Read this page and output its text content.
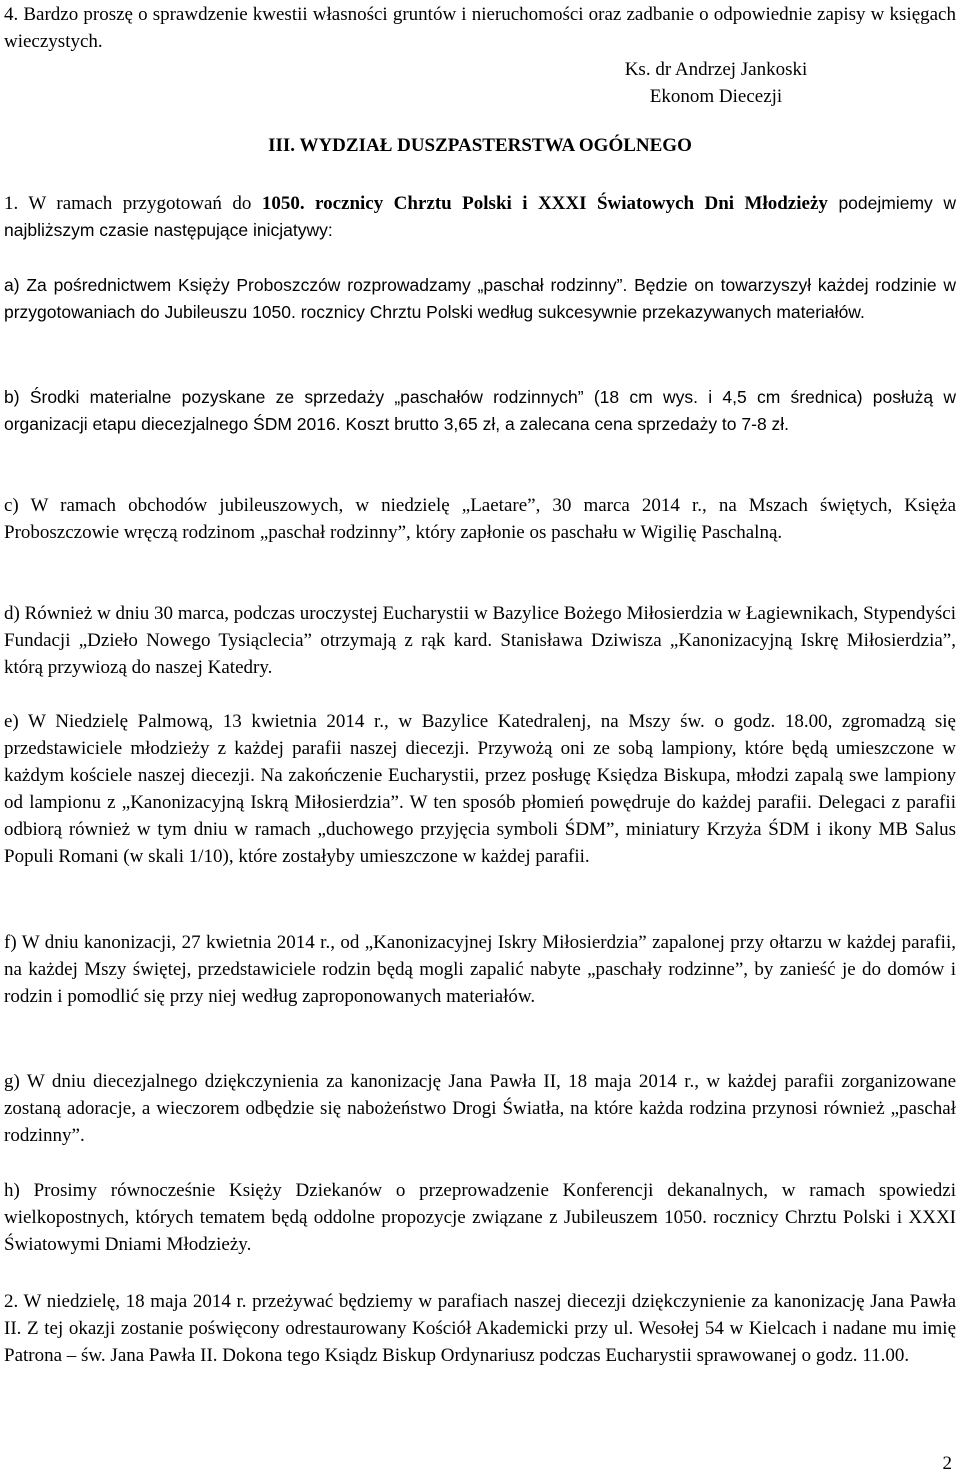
4. Bardzo proszę o sprawdzenie kwestii własności gruntów i nieruchomości oraz zadbanie o odpowiednie zapisy w księgach wieczystych.

Ks. dr Andrzej Jankoski
Ekonom Diecezji
III. WYDZIAŁ DUSZPASTERSTWA OGÓLNEGO

1. W ramach przygotowań do 1050. rocznicy Chrztu Polski i XXXI Światowych Dni Młodzieży podejmiemy w najbliższym czasie następujące inicjatywy:

a) Za pośrednictwem Księży Proboszczów rozprowadzamy „paschał rodzinny”. Będzie on towarzyszył każdej rodzinie w przygotowaniach do Jubileuszu 1050. rocznicy Chrztu Polski według sukcesywnie przekazywanych materiałów.

b) Środki materialne pozyskane ze sprzedaży „paschałów rodzinnych” (18 cm wys. i 4,5 cm średnica) posłużą w organizacji etapu diecezjalnego ŚDM 2016. Koszt brutto 3,65 zł, a zalecana cena sprzedaży to 7-8 zł.

c) W ramach obchodów jubileuszowych, w niedzielę „Laetare”, 30 marca 2014 r., na Mszach świętych, Księża Proboszczowie wręczą rodzinom „paschał rodzinny”, który zapłonie os paschału w Wigilię Paschalną.

d) Również w dniu 30 marca, podczas uroczystej Eucharystii w Bazylice Bożego Miłosierdzia w Łagiewnikach, Stypendyści Fundacji „Dzieło Nowego Tysiąclecia” otrzymają z rąk kard. Stanisława Dziwisza „Kanonizacyjną Iskrę Miłosierdzia”, którą przywiozą do naszej Katedry.

e) W Niedzielę Palmową, 13 kwietnia 2014 r., w Bazylice Katedralenj, na Mszy św. o godz. 18.00, zgromadzą się przedstawiciele młodzieży z każdej parafii naszej diecezji. Przywożą oni ze sobą lampiony, które będą umieszczone w każdym kościele naszej diecezji. Na zakończenie Eucharystii, przez posługę Księdza Biskupa, młodzi zapalą swe lampiony od lampionu z „Kanonizacyjną Iskrą Miłosierdzia”. W ten sposób płomień powędruje do każdej parafii. Delegaci z parafii odbiorą również w tym dniu w ramach „duchowego przyjęcia symboli ŚDM”, miniatury Krzyża ŚDM i ikony MB Salus Populi Romani (w skali 1/10), które zostałyby umieszczone w każdej parafii.

f) W dniu kanonizacji, 27 kwietnia 2014 r., od „Kanonizacyjnej Iskry Miłosierdzia” zapalonej przy ołtarzu w każdej parafii, na każdej Mszy świętej, przedstawiciele rodzin będą mogli zapalić nabyte „paschały rodzinne”, by zanieść je do domów i rodzin i pomodlić się przy niej według zaproponowanych materiałów.

g) W dniu diecezjalnego dziękczynienia za kanonizację Jana Pawła II, 18 maja 2014 r., w każdej parafii zorganizowane zostaną adoracje, a wieczorem odbędzie się nabożeństwo Drogi Światła, na które każda rodzina przynosi również „paschał rodzinny”.

h) Prosimy równocześnie Księży Dziekanów o przeprowadzenie Konferencji dekanalnych, w ramach spowiedzi wielkopostnych, których tematem będą oddolne propozycje związane z Jubileuszem 1050. rocznicy Chrztu Polski i XXXI Światowymi Dniami Młodzieży.

2. W niedzielę, 18 maja 2014 r. przeżywać będziemy w parafiach naszej diecezji dziękczynienie za kanonizację Jana Pawła II. Z tej okazji zostanie poświęcony odrestaurowany Kościół Akademicki przy ul. Wesołej 54 w Kielcach i nadane mu imię Patrona – św. Jana Pawła II. Dokona tego Ksiądz Biskup Ordynariusz podczas Eucharystii sprawowanej o godz. 11.00.

2
